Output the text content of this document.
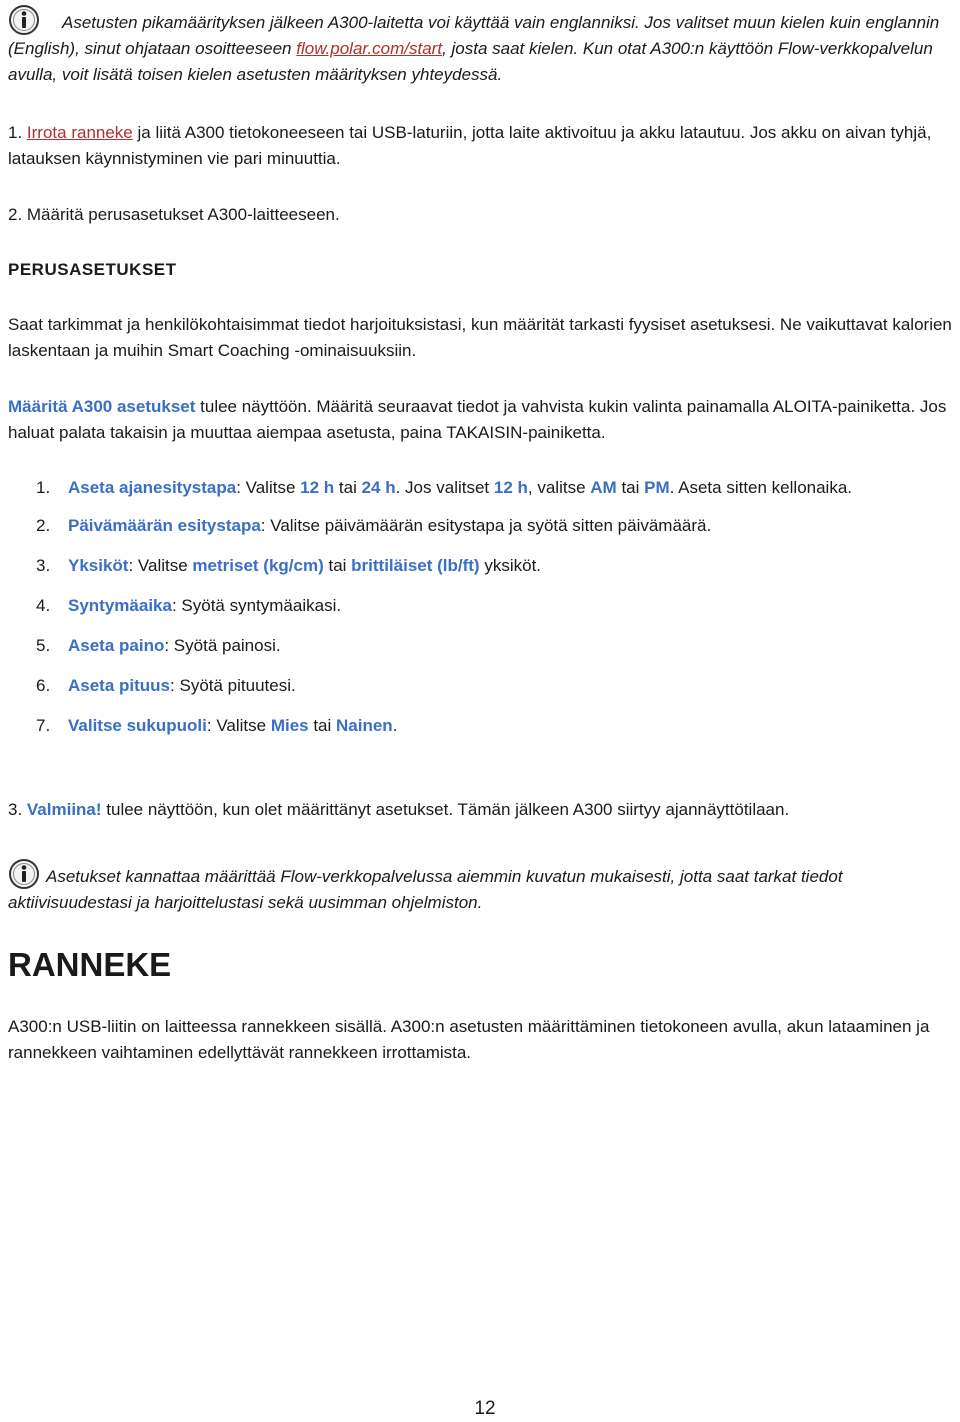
Asetusten pikamäärityksen jälkeen A300-laitetta voi käyttää vain englanniksi. Jos valitset muun kielen kuin englannin (English), sinut ohjataan osoitteeseen flow.polar.com/start, josta saat kielen. Kun otat A300:n käyttöön Flow-verkkopalvelun avulla, voit lisätä toisen kielen asetusten määrityksen yhteydessä.
1. Irrota ranneke ja liitä A300 tietokoneeseen tai USB-laturiin, jotta laite aktivoituu ja akku latautuu. Jos akku on aivan tyhjä, latauksen käynnistyminen vie pari minuuttia.
2. Määritä perusasetukset A300-laitteeseen.
PERUSASETUKSET
Saat tarkimmat ja henkilökohtaisimmat tiedot harjoituksistasi, kun määrität tarkasti fyysiset asetuksesi. Ne vaikuttavat kalorien laskentaan ja muihin Smart Coaching -ominaisuuksiin.
Määritä A300 asetukset tulee näyttöön. Määritä seuraavat tiedot ja vahvista kukin valinta painamalla ALOITA-painiketta. Jos haluat palata takaisin ja muuttaa aiempaa asetusta, paina TAKAISIN-painiketta.
1. Aseta ajanesitystapa: Valitse 12 h tai 24 h. Jos valitset 12 h, valitse AM tai PM. Aseta sitten kellonaika.
2. Päivämäärän esitystapa: Valitse päivämäärän esitystapa ja syötä sitten päivämäärä.
3. Yksiköt: Valitse metriset (kg/cm) tai brittiläiset (lb/ft) yksiköt.
4. Syntymäaika: Syötä syntymäaikasi.
5. Aseta paino: Syötä painosi.
6. Aseta pituus: Syötä pituutesi.
7. Valitse sukupuoli: Valitse Mies tai Nainen.
3. Valmiina! tulee näyttöön, kun olet määrittänyt asetukset. Tämän jälkeen A300 siirtyy ajannäyttötilaan.
Asetukset kannattaa määrittää Flow-verkkopalvelussa aiemmin kuvatun mukaisesti, jotta saat tarkat tiedot aktiivisuudestasi ja harjoittelustasi sekä uusimman ohjelmiston.
RANNEKE
A300:n USB-liitin on laitteessa rannekkeen sisällä. A300:n asetusten määrittäminen tietokoneen avulla, akun lataaminen ja rannekkeen vaihtaminen edellyttävät rannekkeen irrottamista.
12
